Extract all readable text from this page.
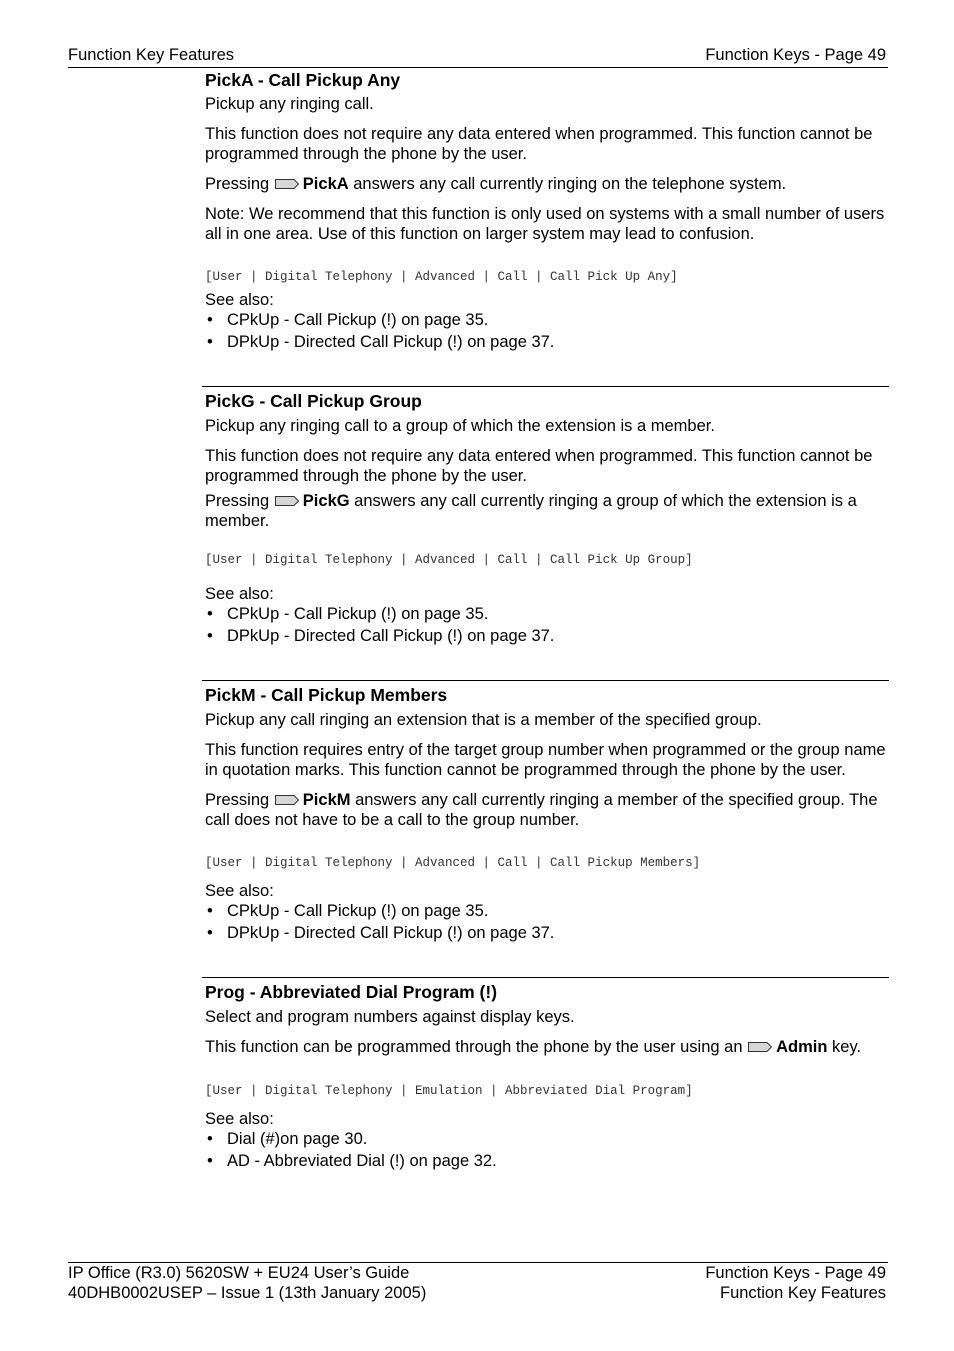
Function Key Features	Function Keys - Page 49
PickA - Call Pickup Any

Pickup any ringing call.

This function does not require any data entered when programmed. This function cannot be programmed through the phone by the user.

Pressing PickA answers any call currently ringing on the telephone system.

Note: We recommend that this function is only used on systems with a small number of users all in one area. Use of this function on larger system may lead to confusion.

[User | Digital Telephony | Advanced | Call | Call Pick Up Any]

See also:

• CPkUp - Call Pickup (!) on page 35.
• DPkUp - Directed Call Pickup (!) on page 37.
PickG - Call Pickup Group

Pickup any ringing call to a group of which the extension is a member.

This function does not require any data entered when programmed. This function cannot be programmed through the phone by the user.

Pressing PickG answers any call currently ringing a group of which the extension is a member.

[User | Digital Telephony | Advanced | Call | Call Pick Up Group]

See also:

• CPkUp - Call Pickup (!) on page 35.
• DPkUp - Directed Call Pickup (!) on page 37.
PickM - Call Pickup Members

Pickup any call ringing an extension that is a member of the specified group.

This function requires entry of the target group number when programmed or the group name in quotation marks. This function cannot be programmed through the phone by the user.

Pressing PickM answers any call currently ringing a member of the specified group. The call does not have to be a call to the group number.

[User | Digital Telephony | Advanced | Call | Call Pickup Members]

See also:

• CPkUp - Call Pickup (!) on page 35.
• DPkUp - Directed Call Pickup (!) on page 37.
Prog - Abbreviated Dial Program (!)

Select and program numbers against display keys.

This function can be programmed through the phone by the user using an Admin key.

[User | Digital Telephony | Emulation | Abbreviated Dial Program]

See also:

• Dial (#)on page 30.
• AD - Abbreviated Dial (!) on page 32.
IP Office (R3.0) 5620SW + EU24 User’s Guide	Function Keys - Page 49
40DHB0002USEP – Issue 1 (13th January 2005)	Function Key Features
